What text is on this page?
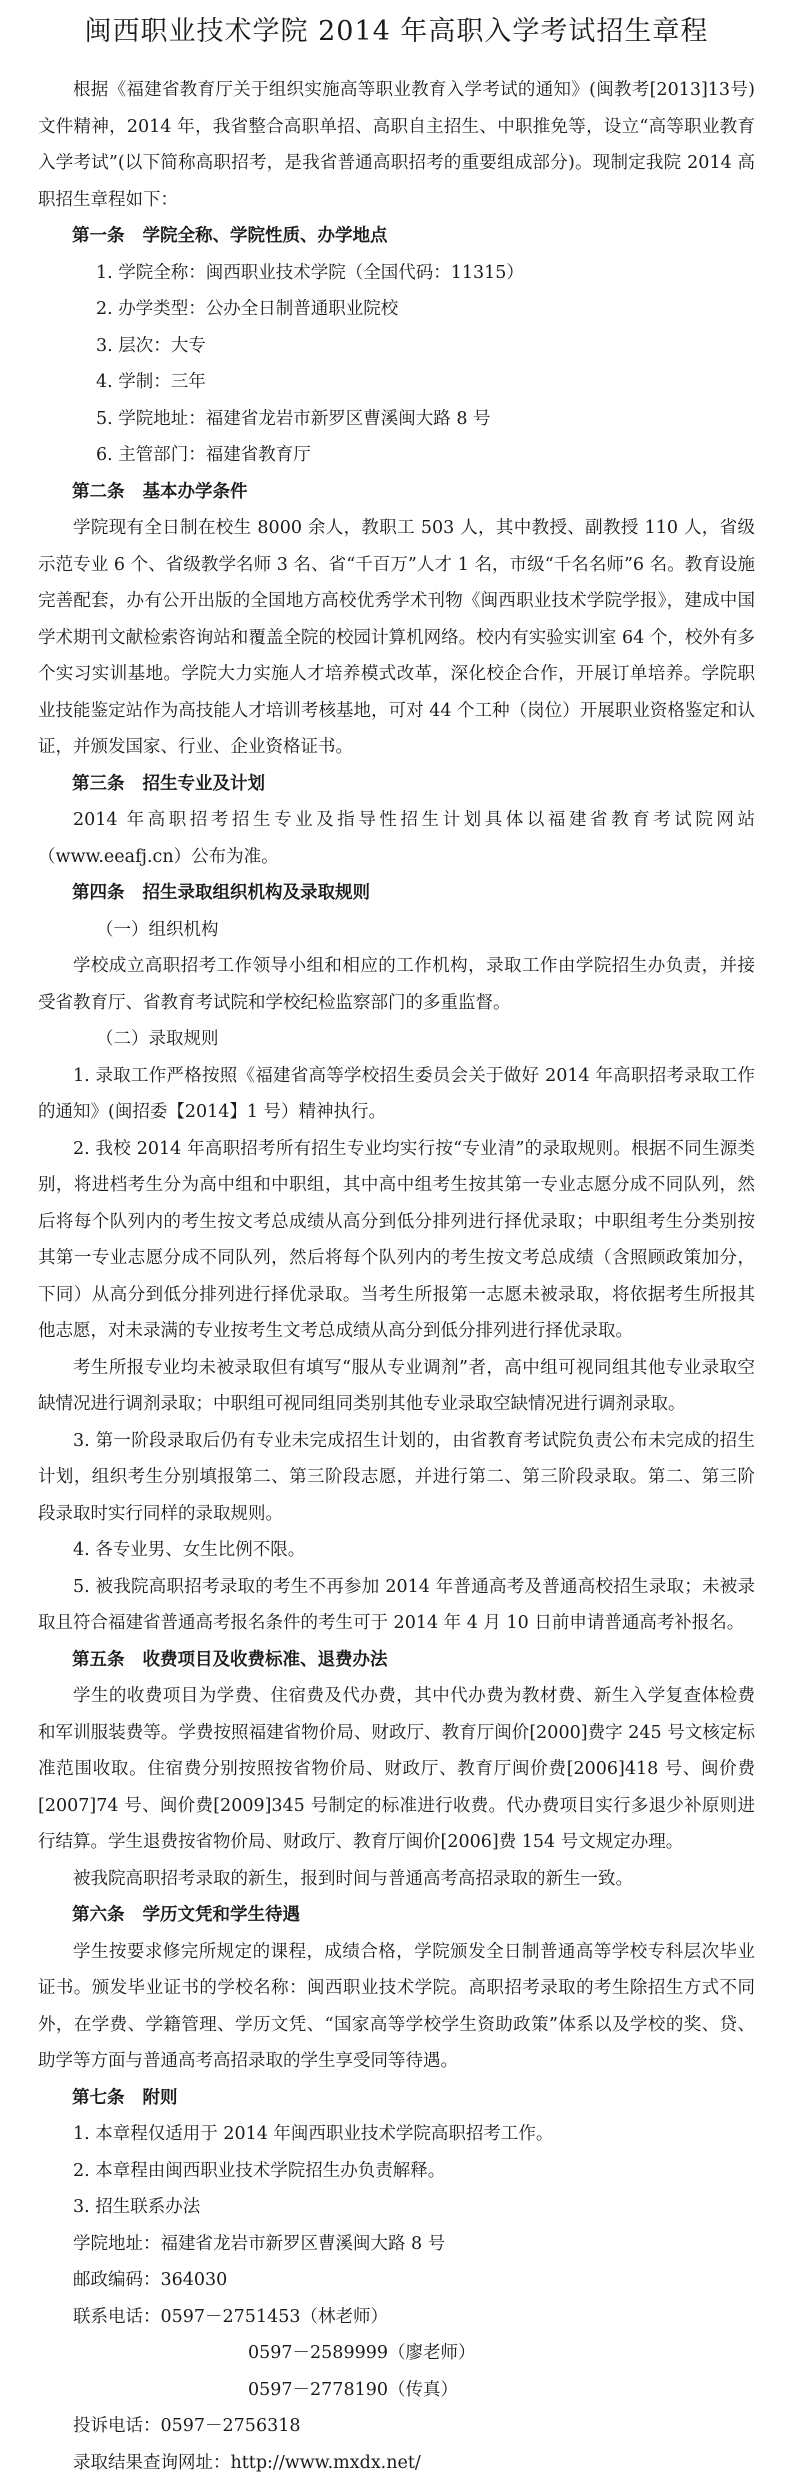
闽西职业技术学院 2014 年高职入学考试招生章程

根据《福建省教育厅关于组织实施高等职业教育入学考试的通知》(闽教考[2013]13号)文件精神，2014 年，我省整合高职单招、高职自主招生、中职推免等，设立“高等职业教育入学考试”(以下简称高职招考，是我省普通高职招考的重要组成部分)。现制定我院 2014 高职招生章程如下：

第一条 学院全称、学院性质、办学地点

1. 学院全称：闽西职业技术学院（全国代码：11315）

2. 办学类型：公办全日制普通职业院校

3. 层次：大专

4. 学制：三年

5. 学院地址：福建省龙岩市新罗区曹溪闽大路 8 号

6. 主管部门：福建省教育厅

第二条 基本办学条件

学院现有全日制在校生 8000 余人，教职工 503 人，其中教授、副教授 110 人，省级示范专业 6 个、省级教学名师 3 名、省“千百万”人才 1 名，市级“千名名师”6 名。教育设施完善配套，办有公开出版的全国地方高校优秀学术刊物《闽西职业技术学院学报》，建成中国学术期刊文献检索咨询站和覆盖全院的校园计算机网络。校内有实验实训室 64 个，校外有多个实习实训基地。学院大力实施人才培养模式改革，深化校企合作，开展订单培养。学院职业技能鉴定站作为高技能人才培训考核基地，可对 44 个工种（岗位）开展职业资格鉴定和认证，并颁发国家、行业、企业资格证书。

第三条 招生专业及计划

2014 年高职招考招生专业及指导性招生计划具体以福建省教育考试院网站（www.eeafj.cn）公布为准。

第四条 招生录取组织机构及录取规则

（一）组织机构

学校成立高职招考工作领导小组和相应的工作机构，录取工作由学院招生办负责，并接受省教育厅、省教育考试院和学校纪检监察部门的多重监督。

（二）录取规则

1. 录取工作严格按照《福建省高等学校招生委员会关于做好 2014 年高职招考录取工作的通知》(闽招委【2014】1 号）精神执行。

2. 我校 2014 年高职招考所有招生专业均实行按“专业清”的录取规则。根据不同生源类别，将进档考生分为高中组和中职组，其中高中组考生按其第一专业志愿分成不同队列，然后将每个队列内的考生按文考总成绩从高分到低分排列进行择优录取；中职组考生分类别按其第一专业志愿分成不同队列，然后将每个队列内的考生按文考总成绩（含照顾政策加分，下同）从高分到低分排列进行择优录取。当考生所报第一志愿未被录取，将依据考生所报其他志愿，对未录满的专业按考生文考总成绩从高分到低分排列进行择优录取。

考生所报专业均未被录取但有填写“服从专业调剂”者，高中组可视同组其他专业录取空缺情况进行调剂录取；中职组可视同组同类别其他专业录取空缺情况进行调剂录取。

3. 第一阶段录取后仍有专业未完成招生计划的，由省教育考试院负责公布未完成的招生计划，组织考生分别填报第二、第三阶段志愿，并进行第二、第三阶段录取。第二、第三阶段录取时实行同样的录取规则。

4. 各专业男、女生比例不限。

5. 被我院高职招考录取的考生不再参加 2014 年普通高考及普通高校招生录取；未被录取且符合福建省普通高考报名条件的考生可于 2014 年 4 月 10 日前申请普通高考补报名。

第五条 收费项目及收费标准、退费办法

学生的收费项目为学费、住宿费及代办费，其中代办费为教材费、新生入学复查体检费和军训服装费等。学费按照福建省物价局、财政厅、教育厅闽价[2000]费字 245 号文核定标准范围收取。住宿费分别按照按省物价局、财政厅、教育厅闽价费[2006]418 号、闽价费 [2007]74 号、闽价费[2009]345 号制定的标准进行收费。代办费项目实行多退少补原则进行结算。学生退费按省物价局、财政厅、教育厅闽价[2006]费 154 号文规定办理。

被我院高职招考录取的新生，报到时间与普通高考高招录取的新生一致。

第六条 学历文凭和学生待遇

学生按要求修完所规定的课程，成绩合格，学院颁发全日制普通高等学校专科层次毕业证书。颁发毕业证书的学校名称：闽西职业技术学院。高职招考录取的考生除招生方式不同外，在学费、学籍管理、学历文凭、“国家高等学校学生资助政策”体系以及学校的奖、贷、助学等方面与普通高考高招录取的学生享受同等待遇。

第七条 附则

1. 本章程仅适用于 2014 年闽西职业技术学院高职招考工作。

2. 本章程由闽西职业技术学院招生办负责解释。

3. 招生联系办法

学院地址：福建省龙岩市新罗区曹溪闽大路 8 号

邮政编码：364030

联系电话：0597－2751453（林老师）

0597－2589999（廖老师）

0597－2778190（传真）

投诉电话：0597－2756318

录取结果查询网址：http://www.mxdx.net/
